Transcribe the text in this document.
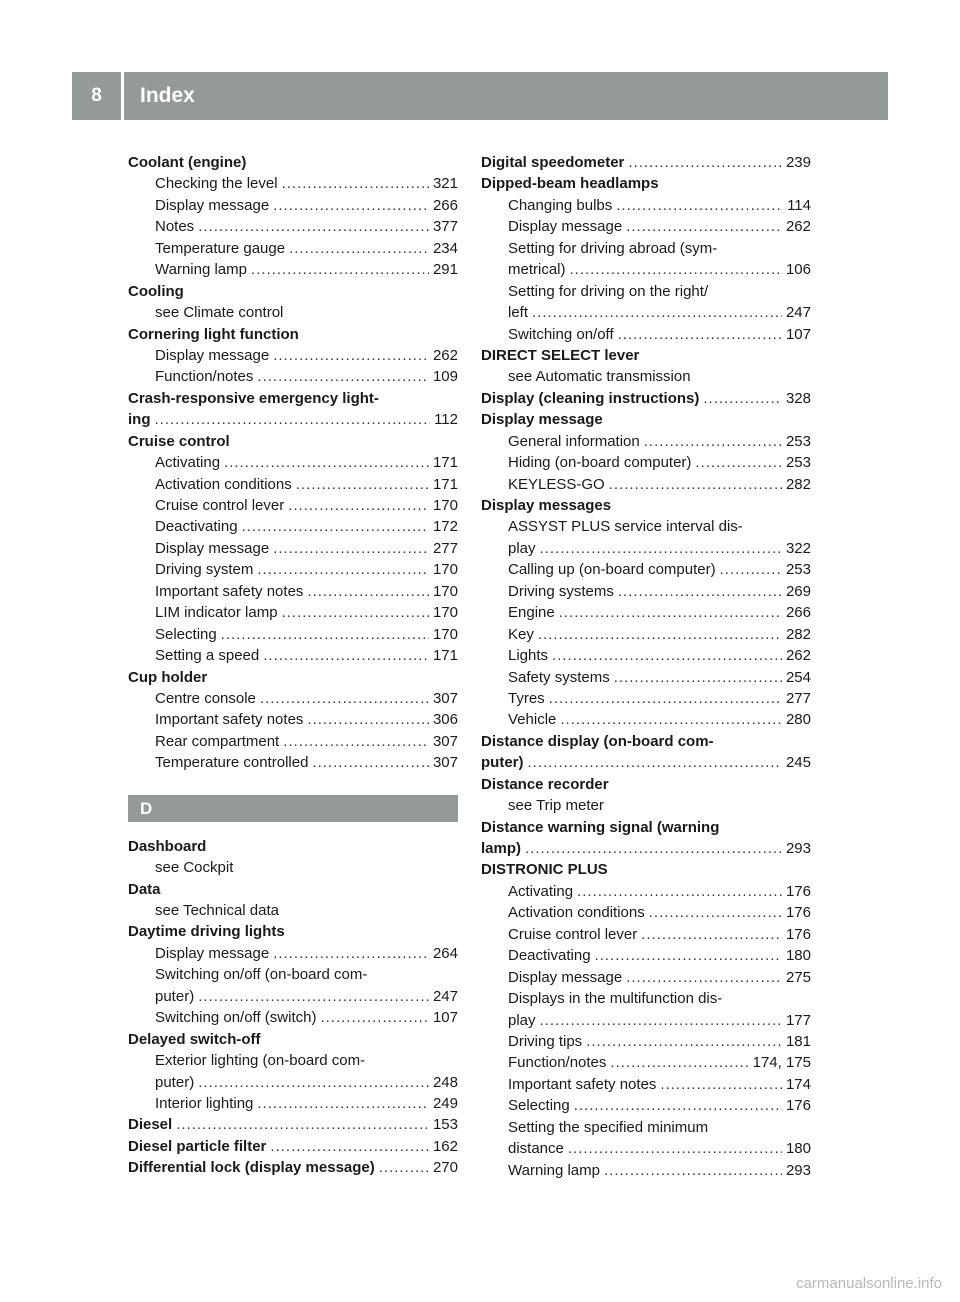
8	Index
Coolant (engine)
Checking the level .....	321
Display message .....	266
Notes .....	377
Temperature gauge .....	234
Warning lamp .....	291
Cooling
see Climate control
Cornering light function
Display message .....	262
Function/notes .....	109
Crash-responsive emergency light-
ing .....	112
Cruise control
Activating .....	171
Activation conditions .....	171
Cruise control lever .....	170
Deactivating .....	172
Display message .....	277
Driving system .....	170
Important safety notes .....	170
LIM indicator lamp .....	170
Selecting .....	170
Setting a speed .....	171
Cup holder
Centre console .....	307
Important safety notes .....	306
Rear compartment .....	307
Temperature controlled .....	307
D
Dashboard
see Cockpit
Data
see Technical data
Daytime driving lights
Display message .....	264
Switching on/off (on-board com-
puter) .....	247
Switching on/off (switch) .....	107
Delayed switch-off
Exterior lighting (on-board com-
puter) .....	248
Interior lighting .....	249
Diesel .....	153
Diesel particle filter .....	162
Differential lock (display message) .....	270
Digital speedometer .....	239
Dipped-beam headlamps
Changing bulbs .....	114
Display message .....	262
Setting for driving abroad (sym-
metrical) .....	106
Setting for driving on the right/
left .....	247
Switching on/off .....	107
DIRECT SELECT lever
see Automatic transmission
Display (cleaning instructions) .....	328
Display message
General information .....	253
Hiding (on-board computer) .....	253
KEYLESS-GO .....	282
Display messages
ASSYST PLUS service interval dis-
play .....	322
Calling up (on-board computer) .....	253
Driving systems .....	269
Engine .....	266
Key .....	282
Lights .....	262
Safety systems .....	254
Tyres .....	277
Vehicle .....	280
Distance display (on-board com-
puter) .....	245
Distance recorder
see Trip meter
Distance warning signal (warning
lamp) .....	293
DISTRONIC PLUS
Activating .....	176
Activation conditions .....	176
Cruise control lever .....	176
Deactivating .....	180
Display message .....	275
Displays in the multifunction dis-
play .....	177
Driving tips .....	181
Function/notes .....	174, 175
Important safety notes .....	174
Selecting .....	176
Setting the specified minimum
distance .....	180
Warning lamp .....	293
carmanualsonline.info
